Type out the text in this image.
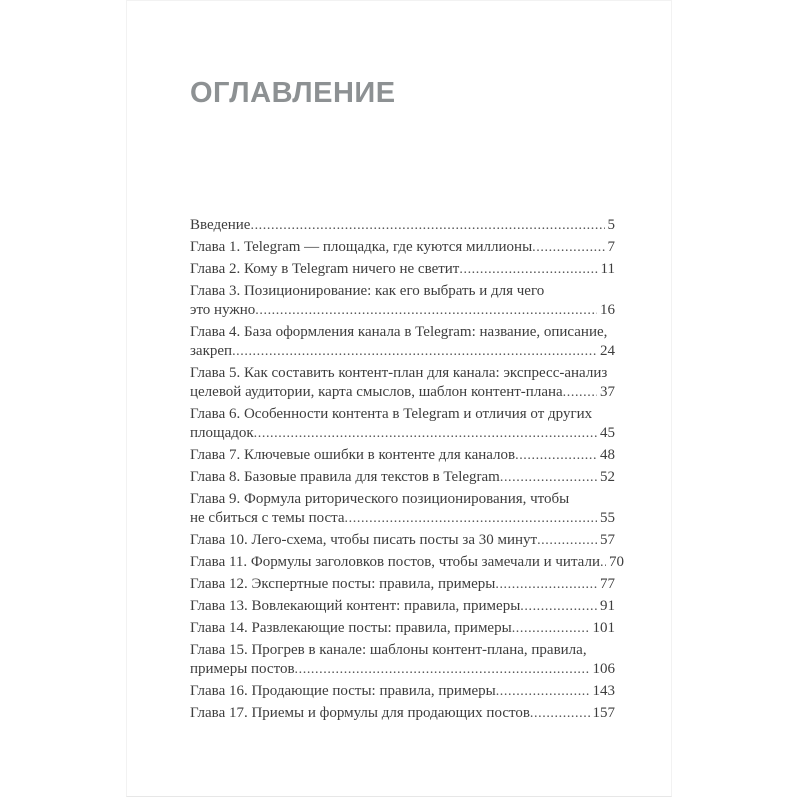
ОГЛАВЛЕНИЕ
Введение .....	5
Глава 1. Telegram — площадка, где куются миллионы .....	7
Глава 2. Кому в Telegram ничего не светит .....	11
Глава 3. Позиционирование: как его выбрать и для чего
это нужно .....	16
Глава 4. База оформления канала в Telegram: название, описание,
закреп .....	24
Глава 5. Как составить контент-план для канала: экспресс-анализ
целевой аудитории, карта смыслов, шаблон контент-плана ..... 37
Глава 6. Особенности контента в Telegram и отличия от других
площадок .....	45
Глава 7. Ключевые ошибки в контенте для каналов .....	48
Глава 8. Базовые правила для текстов в Telegram .....	52
Глава 9. Формула риторического позиционирования, чтобы
не сбиться с темы поста .....	55
Глава 10. Лего-схема, чтобы писать посты за 30 минут .....	57
Глава 11. Формулы заголовков постов, чтобы замечали и читали ..... 70
Глава 12. Экспертные посты: правила, примеры .....	77
Глава 13. Вовлекающий контент: правила, примеры .....	91
Глава 14. Развлекающие посты: правила, примеры .....	101
Глава 15. Прогрев в канале: шаблоны контент-плана, правила,
примеры постов .....	106
Глава 16. Продающие посты: правила, примеры .....	143
Глава 17. Приемы и формулы для продающих постов .....	157
